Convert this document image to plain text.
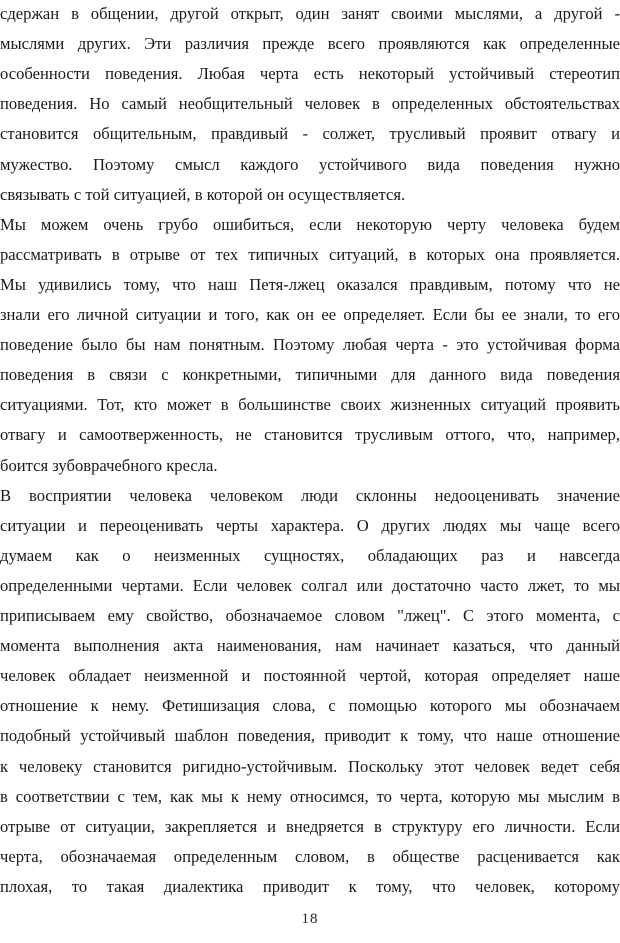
сдержан в общении, другой открыт, один занят своими мыслями, а другой -
мыслями других. Эти различия прежде всего проявляются как определенные
особенности поведения. Любая черта есть некоторый устойчивый стереотип
поведения. Но самый необщительный человек в определенных обстоятельствах
становится общительным, правдивый - солжет, трусливый проявит отвагу и
мужество. Поэтому смысл каждого устойчивого вида поведения нужно
связывать с той ситуацией, в которой он осуществляется.
Мы можем очень грубо ошибиться, если некоторую черту человека будем
рассматривать в отрыве от тех типичных ситуаций, в которых она проявляется.
Мы удивились тому, что наш Петя-лжец оказался правдивым, потому что не
знали его личной ситуации и того, как он ее определяет. Если бы ее знали, то его
поведение было бы нам понятным. Поэтому любая черта - это устойчивая форма
поведения в связи с конкретными, типичными для данного вида поведения
ситуациями. Тот, кто может в большинстве своих жизненных ситуаций проявить
отвагу и самоотверженность, не становится трусливым оттого, что, например,
боится зубоврачебного кресла.
В восприятии человека человеком люди склонны недооценивать значение
ситуации и переоценивать черты характера. О других людях мы чаще всего
думаем как о неизменных сущностях, обладающих раз и навсегда
определенными чертами. Если человек солгал или достаточно часто лжет, то мы
приписываем ему свойство, обозначаемое словом "лжец". С этого момента, с
момента выполнения акта наименования, нам начинает казаться, что данный
человек обладает неизменной и постоянной чертой, которая определяет наше
отношение к нему. Фетишизация слова, с помощью которого мы обозначаем
подобный устойчивый шаблон поведения, приводит к тому, что наше отношение
к человеку становится ригидно-устойчивым. Поскольку этот человек ведет себя
в соответствии с тем, как мы к нему относимся, то черта, которую мы мыслим в
отрыве от ситуации, закрепляется и внедряется в структуру его личности. Если
черта, обозначаемая определенным словом, в обществе расценивается как
плохая, то такая диалектика приводит к тому, что человек, которому
18
